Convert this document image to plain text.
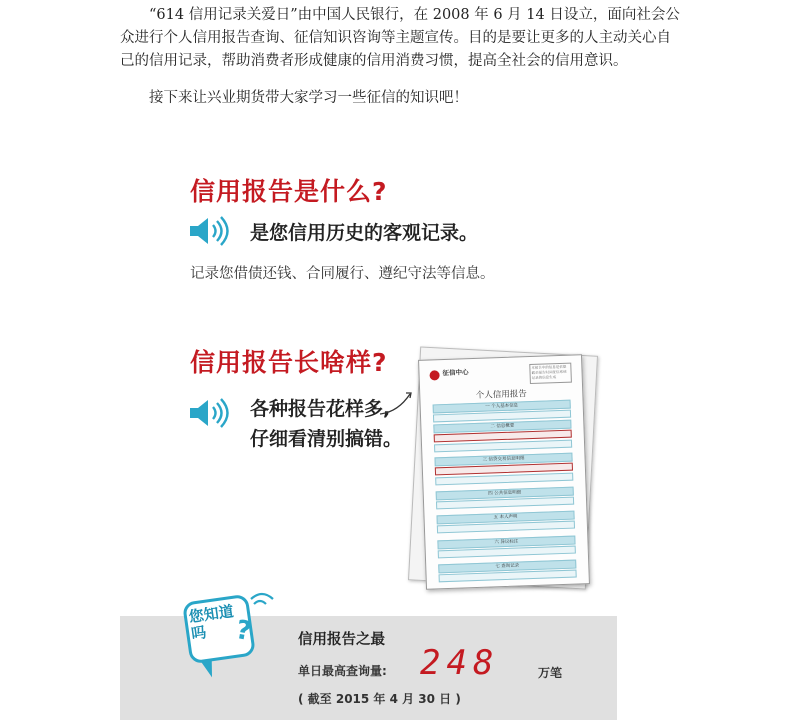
“614 信用记录关爱日”由中国人民银行，在 2008 年 6 月 14 日设立，面向社会公众进行个人信用报告查询、征信知识咨询等主题宣传。目的是要让更多的人主动关心自己的信用记录，帮助消费者形成健康的信用消费习惯，提高全社会的信用意识。

接下来让兴业期货带大家学习一些征信的知识吧！

信用报告是什么?
是您信用历史的客观记录。
记录您借债还钱、合同履行、遵纪守法等信息。
信用报告长啥样?
各种报告花样多,
仔细看清别搞错。
征信中心
本报告中的信息是依据截至报告时间征信系统记录的信息生成
个人信用报告
一 个人基本信息
二 信息概要
三 信贷交易信息明细
四 公共信息明细
五 本人声明
六 异议标注
七 查询记录
您知道吗	?	信用报告之最
单日最高查询量: 248	万笔
( 截至 2015 年 4 月 30 日 )
